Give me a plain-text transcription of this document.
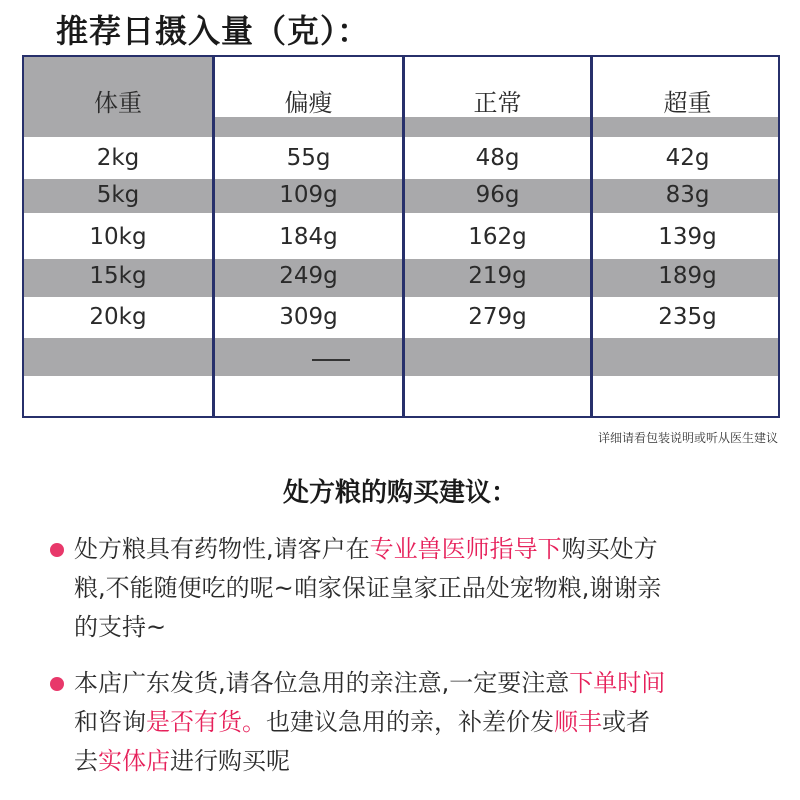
推荐日摄入量（克）：
体重	偏瘦	正常	超重
2kg	55g	48g	42g
5kg	109g	96g	83g
10kg	184g	162g	139g
15kg	249g	219g	189g
20kg	309g	279g	235g
详细请看包装说明或听从医生建议
处方粮的购买建议：
处方粮具有药物性,请客户在专业兽医师指导下购买处方
粮,不能随便吃的呢~咱家保证皇家正品处宠物粮,谢谢亲
的支持~
本店广东发货,请各位急用的亲注意,一定要注意下单时间
和咨询是否有货。也建议急用的亲，补差价发顺丰或者
去实体店进行购买呢
